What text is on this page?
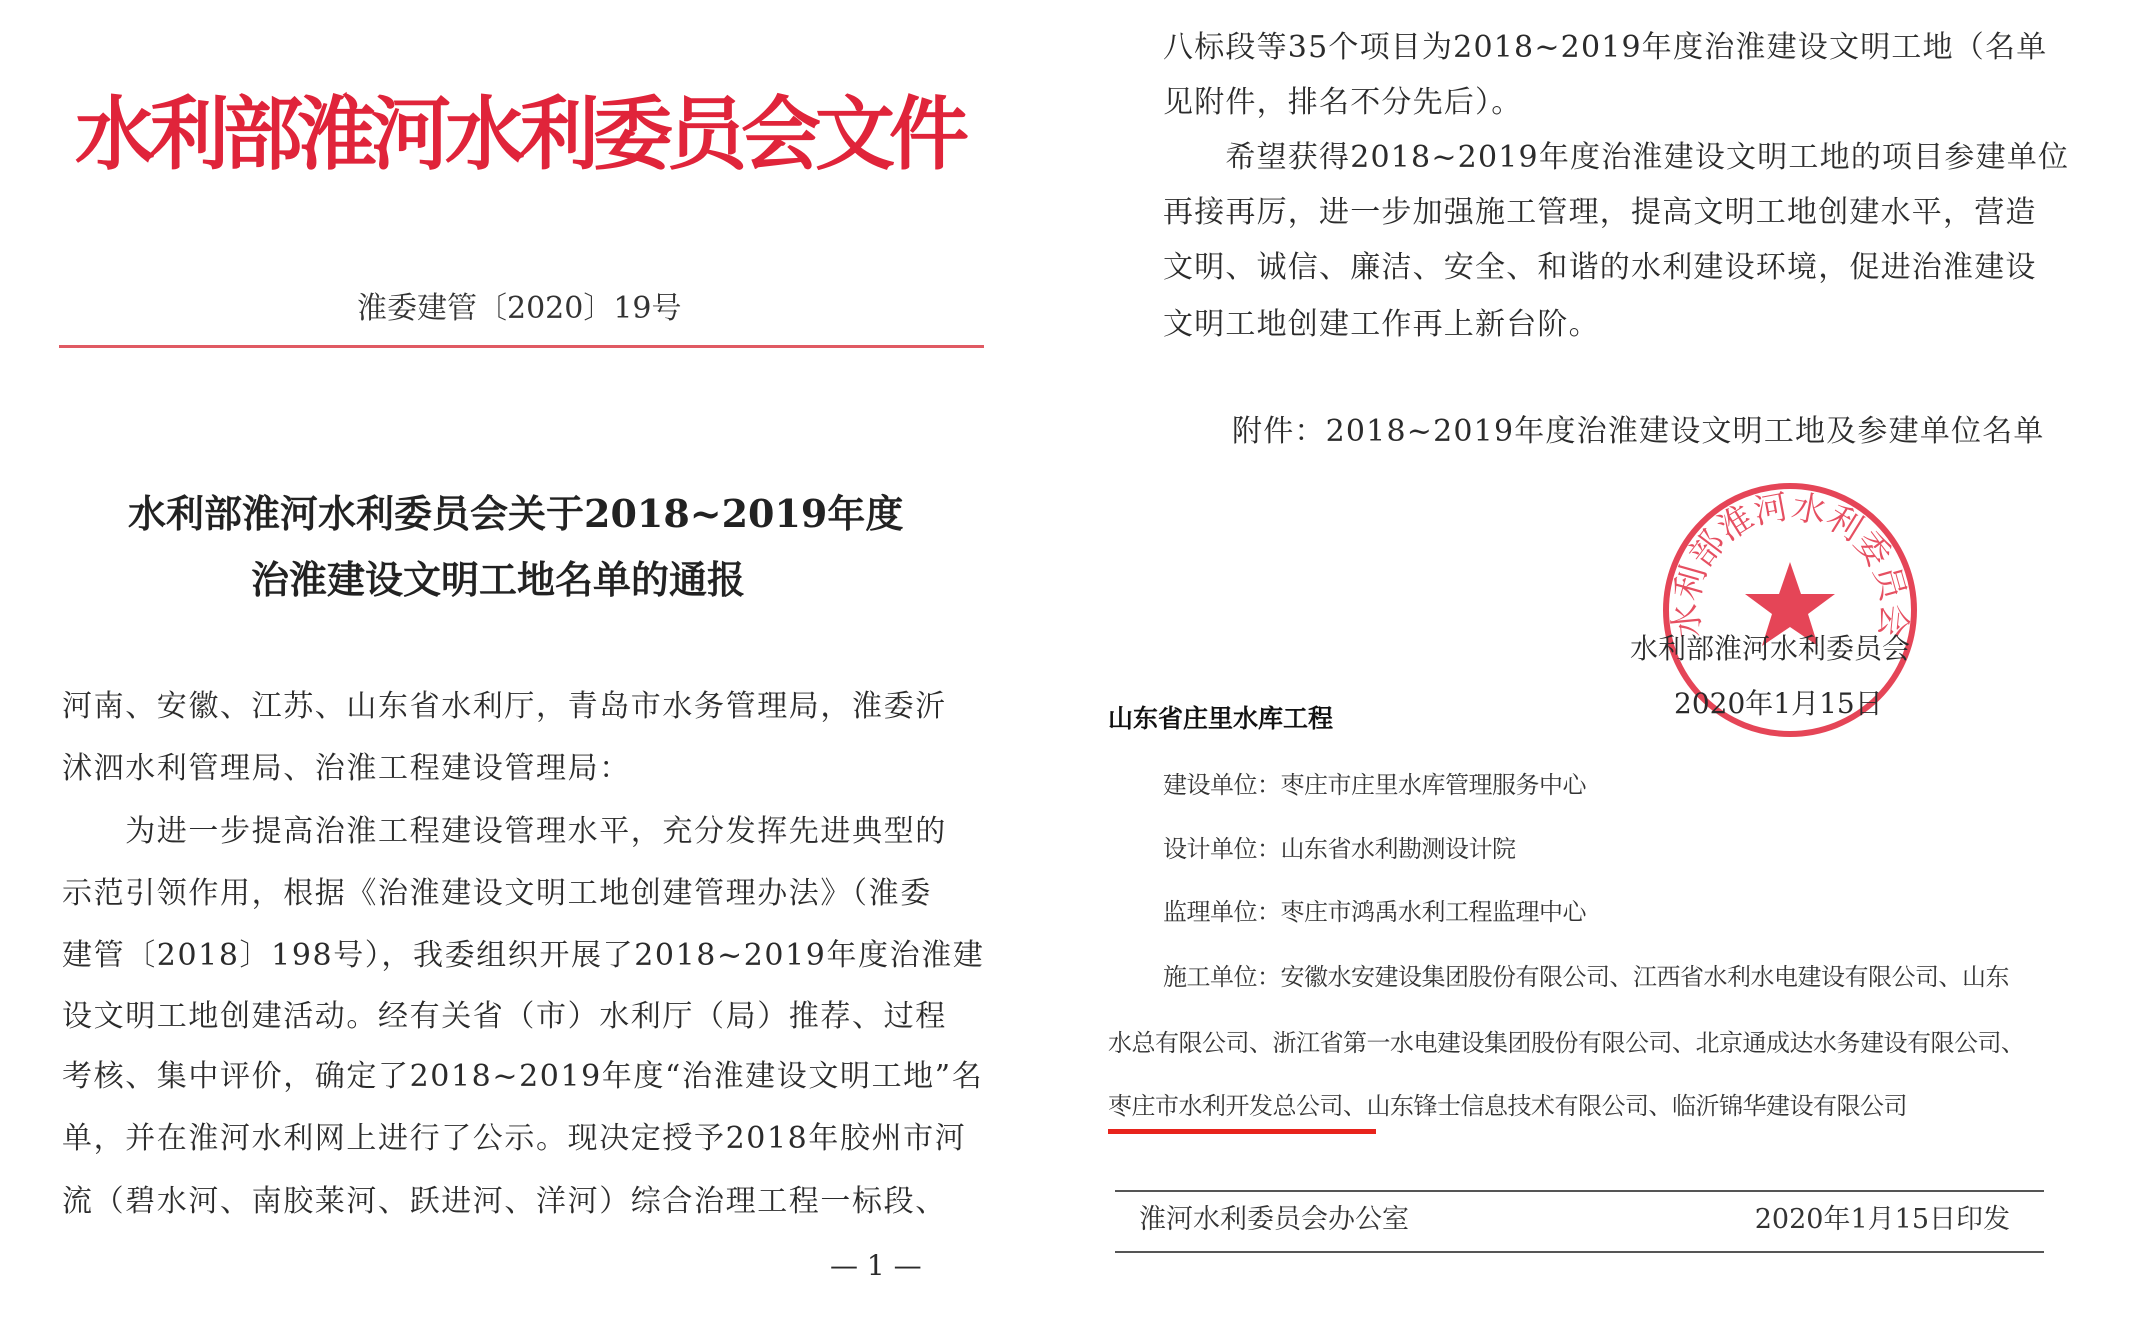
水利部淮河水利委员会文件
淮委建管〔2020〕19号
水利部淮河水利委员会关于2018~2019年度
治淮建设文明工地名单的通报
河南、安徽、江苏、山东省水利厅，青岛市水务管理局，淮委沂
沭泗水利管理局、治淮工程建设管理局：
　　为进一步提高治淮工程建设管理水平，充分发挥先进典型的
示范引领作用，根据《治淮建设文明工地创建管理办法》（淮委
建管〔2018〕198号），我委组织开展了2018~2019年度治淮建
设文明工地创建活动。经有关省（市）水利厅（局）推荐、过程
考核、集中评价，确定了2018~2019年度“治淮建设文明工地”名
单，并在淮河水利网上进行了公示。现决定授予2018年胶州市河
流（碧水河、南胶莱河、跃进河、洋河）综合治理工程一标段、
— 1 —
八标段等35个项目为2018~2019年度治淮建设文明工地（名单
见附件，排名不分先后）。
　　希望获得2018~2019年度治淮建设文明工地的项目参建单位
再接再厉，进一步加强施工管理，提高文明工地创建水平，营造
文明、诚信、廉洁、安全、和谐的水利建设环境，促进治淮建设
文明工地创建工作再上新台阶。
附件：2018~2019年度治淮建设文明工地及参建单位名单
水利部淮河水利委员会
水利部淮河水利委员会
2020年1月15日
山东省庄里水库工程
建设单位：枣庄市庄里水库管理服务中心
设计单位：山东省水利勘测设计院
监理单位：枣庄市鸿禹水利工程监理中心
施工单位：安徽水安建设集团股份有限公司、江西省水利水电建设有限公司、山东
水总有限公司、浙江省第一水电建设集团股份有限公司、北京通成达水务建设有限公司、
枣庄市水利开发总公司、山东锋士信息技术有限公司、临沂锦华建设有限公司
淮河水利委员会办公室	2020年1月15日印发
